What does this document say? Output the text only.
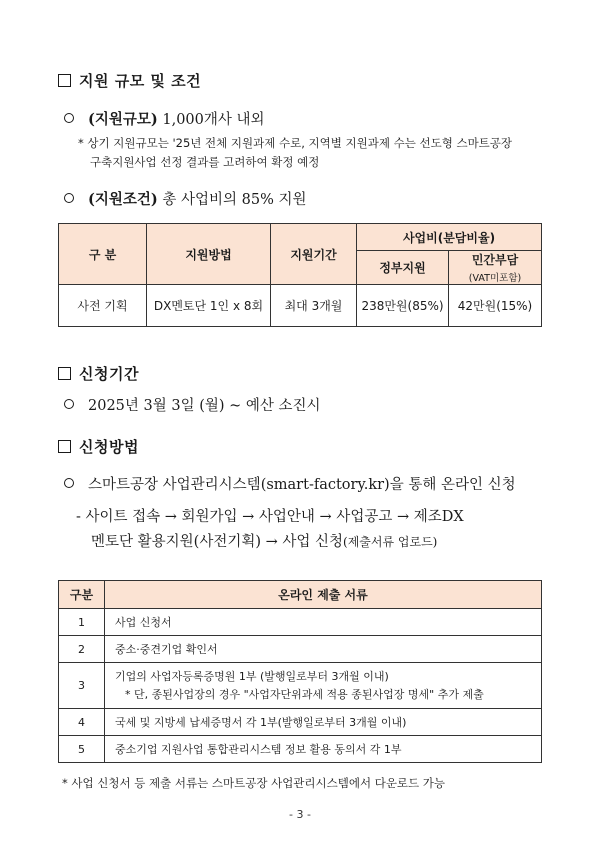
지원 규모 및 조건
(지원규모) 1,000개사 내외
* 상기 지원규모는 '25년 전체 지원과제 수로, 지역별 지원과제 수는 선도형 스마트공장
구축지원사업 선정 결과를 고려하여 확정 예정
(지원조건) 총 사업비의 85% 지원
구 분	지원방법	지원기간	사업비(분담비율)	
			정부지원	민간부담
(VAT미포함)

사전 기획	DX멘토단 1인 x 8회	최대 3개월	238만원(85%)	42만원(15%)
신청기간
2025년 3월 3일 (월) ~ 예산 소진시
신청방법
스마트공장 사업관리시스템(smart-factory.kr)을 통해 온라인 신청
- 사이트 접속 → 회원가입 → 사업안내 → 사업공고 → 제조DX
멘토단 활용지원(사전기획) → 사업 신청(제출서류 업로드)
구분	온라인 제출 서류
1	사업 신청서
2	중소·중견기업 확인서
3	기업의 사업자등록증명원 1부 (발행일로부터 3개월 이내)
* 단, 종된사업장의 경우 "사업자단위과세 적용 종된사업장 명세" 추가 제출

4	국세 및 지방세 납세증명서 각 1부(발행일로부터 3개월 이내)
5	중소기업 지원사업 통합관리시스템 정보 활용 동의서 각 1부
* 사업 신청서 등 제출 서류는 스마트공장 사업관리시스템에서 다운로드 가능
- 3 -
